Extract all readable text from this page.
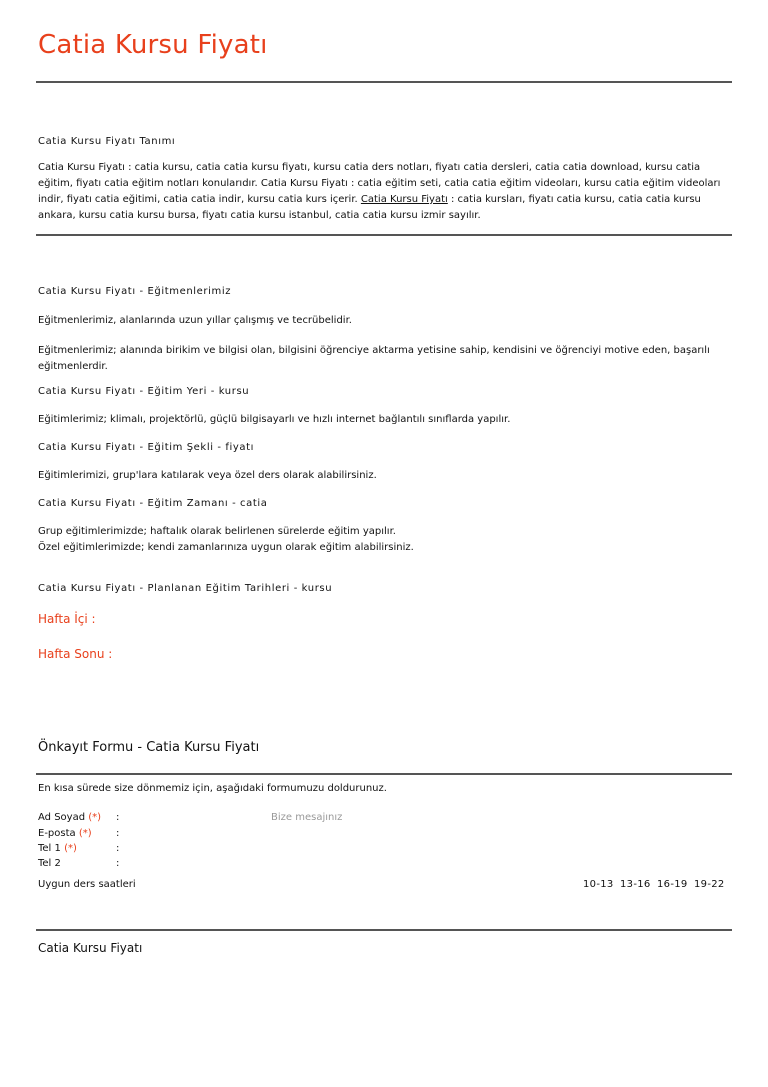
Catia Kursu Fiyatı
Catia Kursu Fiyatı Tanımı
Catia Kursu Fiyatı : catia kursu, catia catia kursu fiyatı, kursu catia ders notları, fiyatı catia dersleri, catia catia download, kursu catia eğitim, fiyatı catia eğitim notları konularıdır. Catia Kursu Fiyatı : catia eğitim seti, catia catia eğitim videoları, kursu catia eğitim videoları indir, fiyatı catia eğitimi, catia catia indir, kursu catia kurs içerir. Catia Kursu Fiyatı : catia kursları, fiyatı catia kursu, catia catia kursu ankara, kursu catia kursu bursa, fiyatı catia kursu istanbul, catia catia kursu izmir sayılır.
Catia Kursu Fiyatı - Eğitmenlerimiz
Eğitmenlerimiz, alanlarında uzun yıllar çalışmış ve tecrübelidir.
Eğitmenlerimiz; alanında birikim ve bilgisi olan, bilgisini öğrenciye aktarma yetisine sahip, kendisini ve öğrenciyi motive eden, başarılı eğitmenlerdir.
Catia Kursu Fiyatı - Eğitim Yeri - kursu
Eğitimlerimiz; klimalı, projektörlü, güçlü bilgisayarlı ve hızlı internet bağlantılı sınıflarda yapılır.
Catia Kursu Fiyatı - Eğitim Şekli - fiyatı
Eğitimlerimizi, grup'lara katılarak veya özel ders olarak alabilirsiniz.
Catia Kursu Fiyatı - Eğitim Zamanı - catia
Grup eğitimlerimizde; haftalık olarak belirlenen sürelerde eğitim yapılır.
Özel eğitimlerimizde; kendi zamanlarınıza uygun olarak eğitim alabilirsiniz.
Catia Kursu Fiyatı - Planlanan Eğitim Tarihleri - kursu
Hafta İçi :
Hafta Sonu :
Önkayıt Formu - Catia Kursu Fiyatı
En kısa sürede size dönmemiz için, aşağıdaki formumuzu doldurunuz.
Ad Soyad (*) :	Bize mesajınız
E-posta (*) :
Tel 1 (*)	:
Tel 2	:
Uygun ders saatleri	10-13 13-16 16-19 19-22
Catia Kursu Fiyatı
